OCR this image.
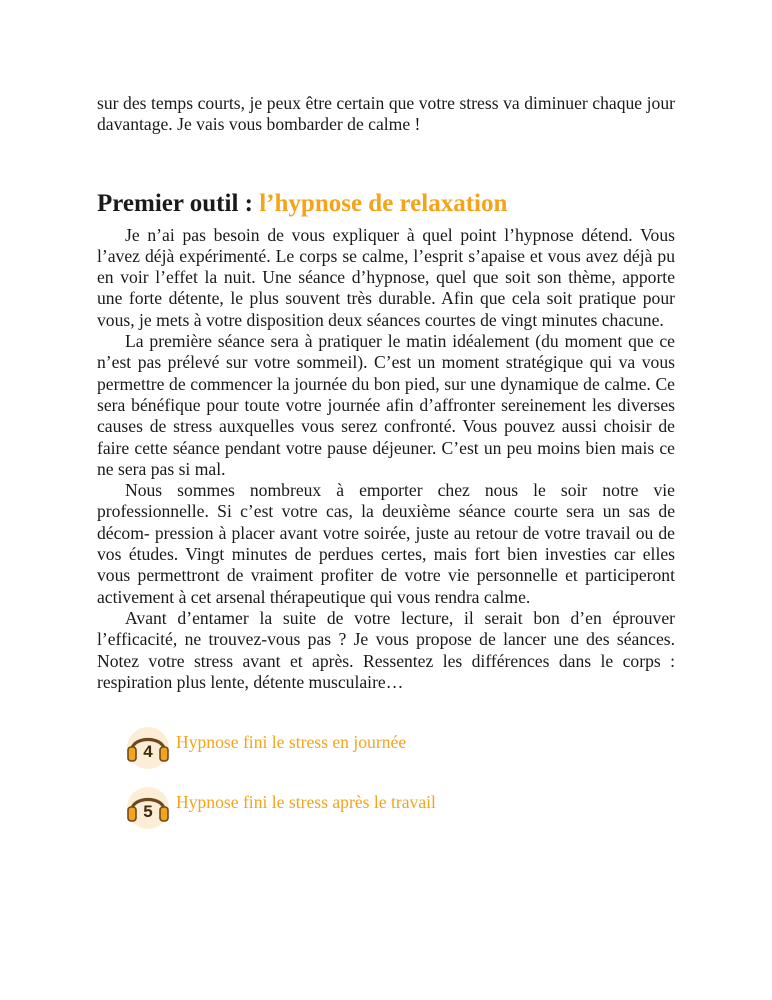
sur des temps courts, je peux être certain que votre stress va diminuer chaque jour davantage. Je vais vous bombarder de calme !

Premier outil : l’hypnose de relaxation

Je n’ai pas besoin de vous expliquer à quel point l’hypnose détend. Vous l’avez déjà expérimenté. Le corps se calme, l’esprit s’apaise et vous avez déjà pu en voir l’effet la nuit. Une séance d’hypnose, quel que soit son thème, apporte une forte détente, le plus souvent très durable. Afin que cela soit pratique pour vous, je mets à votre disposition deux séances courtes de vingt minutes chacune.

La première séance sera à pratiquer le matin idéalement (du moment que ce n’est pas prélevé sur votre sommeil). C’est un moment stratégique qui va vous permettre de commencer la journée du bon pied, sur une dynamique de calme. Ce sera bénéfique pour toute votre journée afin d’affronter sereinement les diverses causes de stress auxquelles vous serez confronté. Vous pouvez aussi choisir de faire cette séance pendant votre pause déjeuner. C’est un peu moins bien mais ce ne sera pas si mal.

Nous sommes nombreux à emporter chez nous le soir notre vie professionnelle. Si c’est votre cas, la deuxième séance courte sera un sas de décom- pression à placer avant votre soirée, juste au retour de votre travail ou de vos études. Vingt minutes de perdues certes, mais fort bien investies car elles vous permettront de vraiment profiter de votre vie personnelle et participeront activement à cet arsenal thérapeutique qui vous rendra calme.

Avant d’entamer la suite de votre lecture, il serait bon d’en éprouver l’efficacité, ne trouvez-vous pas ? Je vous propose de lancer une des séances. Notez votre stress avant et après. Ressentez les différences dans le corps : respiration plus lente, détente musculaire…

4 Hypnose fini le stress en journée
5 Hypnose fini le stress après le travail
